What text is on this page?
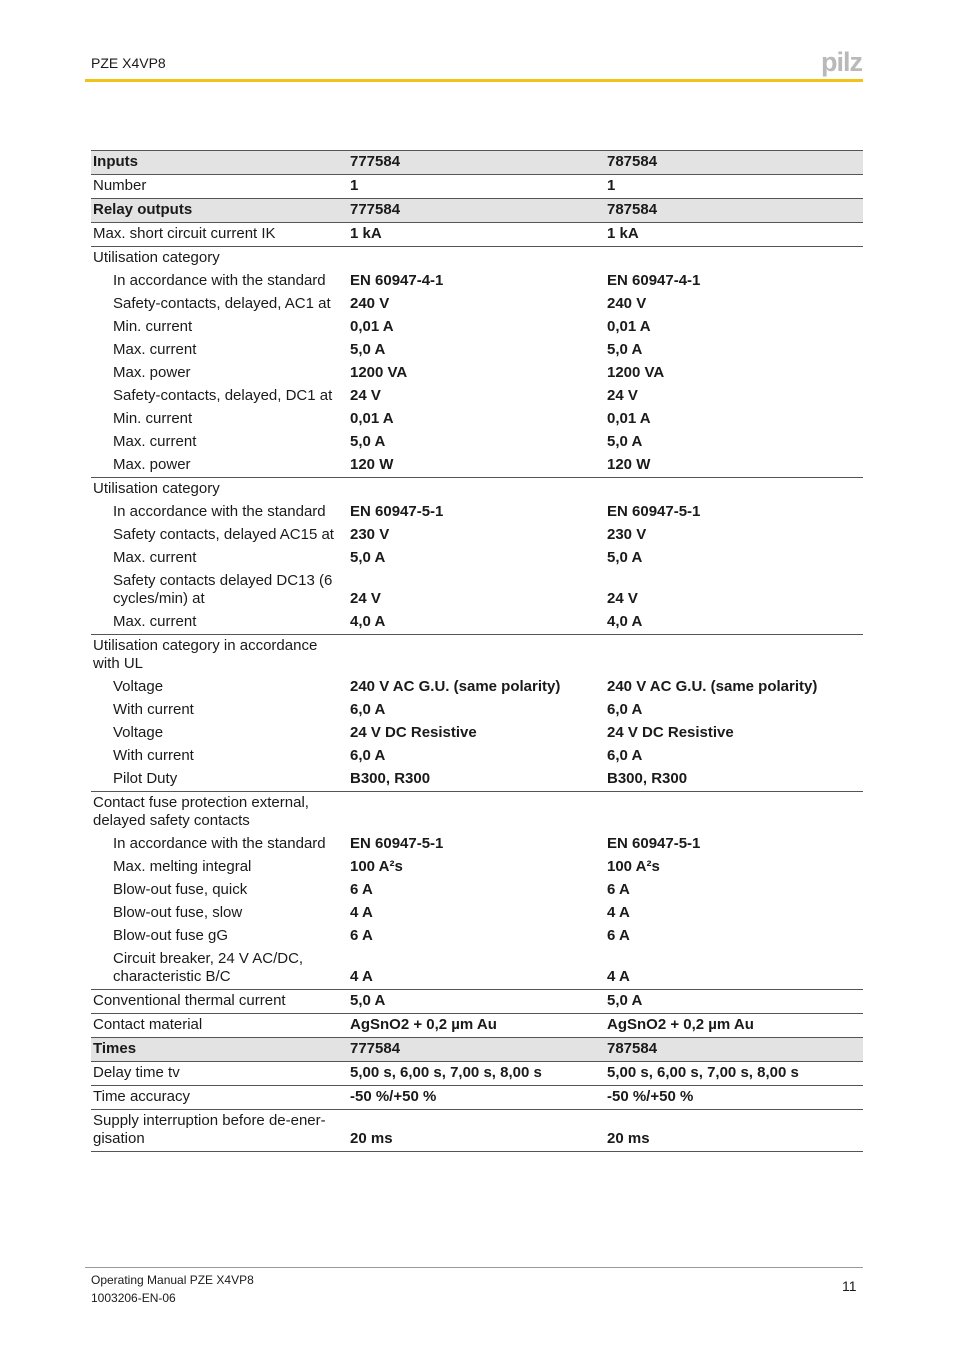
PZE X4VP8	pilz
Inputs	777584	787584
Number	1	1
Relay outputs	777584	787584
Max. short circuit current IK	1 kA	1 kA
Utilisation category
In accordance with the standard	EN 60947-4-1	EN 60947-4-1
Safety-contacts, delayed, AC1 at	240 V	240 V
Min. current	0,01 A	0,01 A
Max. current	5,0 A	5,0 A
Max. power	1200 VA	1200 VA
Safety-contacts, delayed, DC1 at	24 V	24 V
Min. current	0,01 A	0,01 A
Max. current	5,0 A	5,0 A
Max. power	120 W	120 W
Utilisation category
In accordance with the standard	EN 60947-5-1	EN 60947-5-1
Safety contacts, delayed AC15 at	230 V	230 V
Max. current	5,0 A	5,0 A
Safety contacts delayed DC13 (6 cycles/min) at	24 V	24 V
Max. current	4,0 A	4,0 A
Utilisation category in accordance with UL
Voltage	240 V AC G.U. (same polarity)	240 V AC G.U. (same polarity)
With current	6,0 A	6,0 A
Voltage	24 V DC Resistive	24 V DC Resistive
With current	6,0 A	6,0 A
Pilot Duty	B300, R300	B300, R300
Contact fuse protection external, delayed safety contacts
In accordance with the standard	EN 60947-5-1	EN 60947-5-1
Max. melting integral	100 A²s	100 A²s
Blow-out fuse, quick	6 A	6 A
Blow-out fuse, slow	4 A	4 A
Blow-out fuse gG	6 A	6 A
Circuit breaker, 24 V AC/DC, characteristic B/C	4 A	4 A
Conventional thermal current	5,0 A	5,0 A
Contact material	AgSnO2 + 0,2 µm Au	AgSnO2 + 0,2 µm Au
Times	777584	787584
Delay time tv	5,00 s, 6,00 s, 7,00 s, 8,00 s	5,00 s, 6,00 s, 7,00 s, 8,00 s
Time accuracy	-50 %/+50 %	-50 %/+50 %
Supply interruption before de-ener-gisation	20 ms	20 ms
Operating Manual PZE X4VP8
1003206-EN-06
11
